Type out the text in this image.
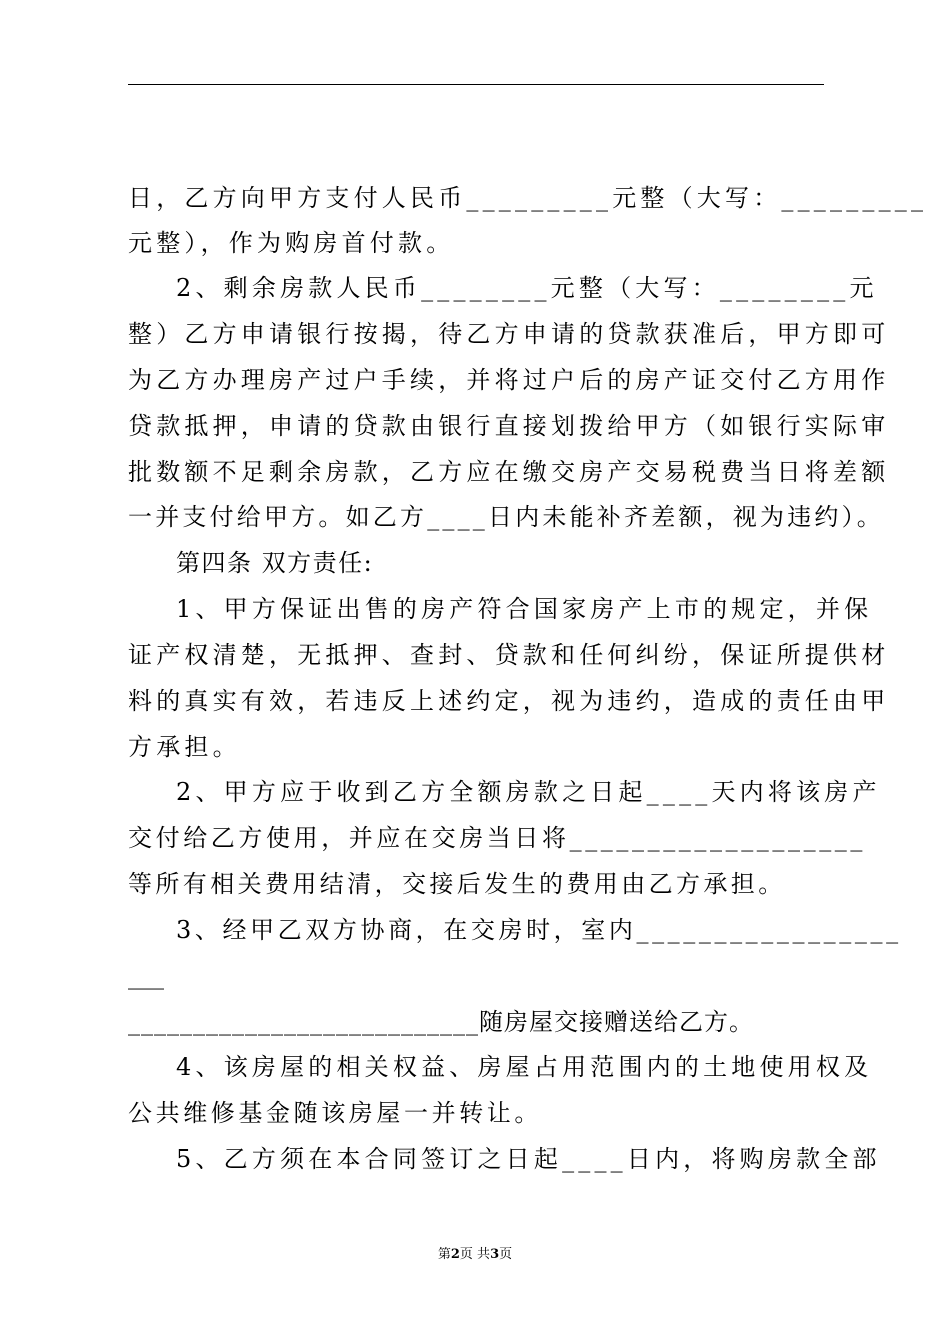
日，乙方向甲方支付人民币_________元整（大写：_________
元整），作为购房首付款。
2、剩余房款人民币________元整（大写：________元
整）乙方申请银行按揭，待乙方申请的贷款获准后，甲方即可
为乙方办理房产过户手续，并将过户后的房产证交付乙方用作
贷款抵押，申请的贷款由银行直接划拨给甲方（如银行实际审
批数额不足剩余房款，乙方应在缴交房产交易税费当日将差额
一并支付给甲方。如乙方____日内未能补齐差额，视为违约）。
第四条 双方责任:
1、甲方保证出售的房产符合国家房产上市的规定，并保
证产权清楚，无抵押、查封、贷款和任何纠纷，保证所提供材
料的真实有效，若违反上述约定，视为违约，造成的责任由甲
方承担。
2、甲方应于收到乙方全额房款之日起____天内将该房产
交付给乙方使用，并应在交房当日将___________________
等所有相关费用结清，交接后发生的费用由乙方承担。
3、经甲乙双方协商，在交房时，室内_________________
___
___________________________随房屋交接赠送给乙方。
4、该房屋的相关权益、房屋占用范围内的土地使用权及
公共维修基金随该房屋一并转让。
5、乙方须在本合同签订之日起____日内，将购房款全部
第2页 共3页
